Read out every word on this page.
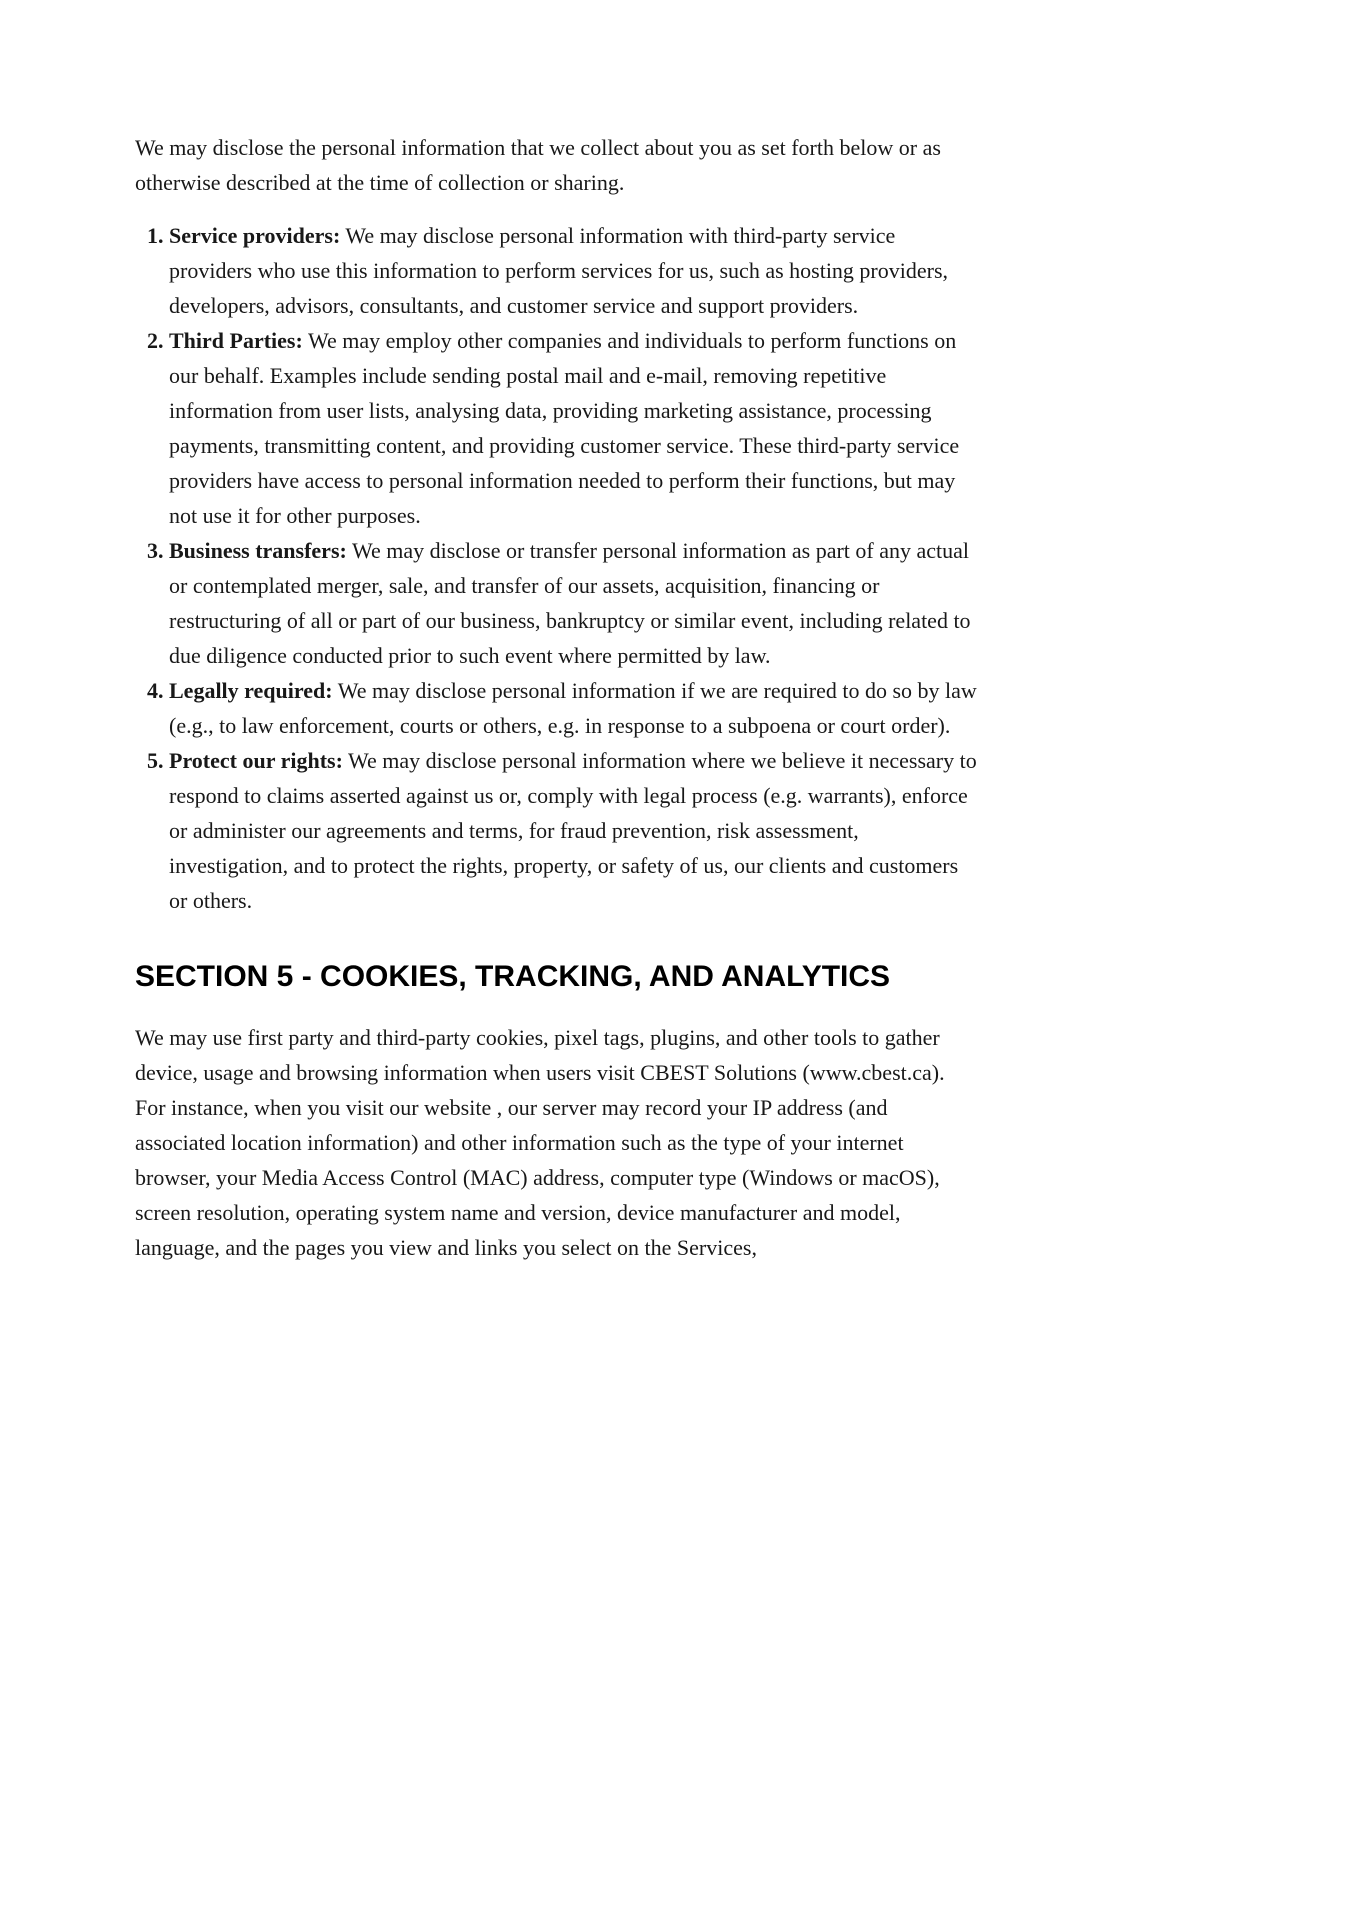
We may disclose the personal information that we collect about you as set forth below or as otherwise described at the time of collection or sharing.

1. Service providers: We may disclose personal information with third-party service providers who use this information to perform services for us, such as hosting providers, developers, advisors, consultants, and customer service and support providers.
2. Third Parties: We may employ other companies and individuals to perform functions on our behalf. Examples include sending postal mail and e-mail, removing repetitive information from user lists, analysing data, providing marketing assistance, processing payments, transmitting content, and providing customer service. These third-party service providers have access to personal information needed to perform their functions, but may not use it for other purposes.
3. Business transfers: We may disclose or transfer personal information as part of any actual or contemplated merger, sale, and transfer of our assets, acquisition, financing or restructuring of all or part of our business, bankruptcy or similar event, including related to due diligence conducted prior to such event where permitted by law.
4. Legally required: We may disclose personal information if we are required to do so by law (e.g., to law enforcement, courts or others, e.g. in response to a subpoena or court order).
5. Protect our rights: We may disclose personal information where we believe it necessary to respond to claims asserted against us or, comply with legal process (e.g. warrants), enforce or administer our agreements and terms, for fraud prevention, risk assessment, investigation, and to protect the rights, property, or safety of us, our clients and customers or others.
SECTION 5 - COOKIES, TRACKING, AND ANALYTICS

We may use first party and third-party cookies, pixel tags, plugins, and other tools to gather device, usage and browsing information when users visit CBEST Solutions (www.cbest.ca). For instance, when you visit our website , our server may record your IP address (and associated location information) and other information such as the type of your internet browser, your Media Access Control (MAC) address, computer type (Windows or macOS), screen resolution, operating system name and version, device manufacturer and model, language, and the pages you view and links you select on the Services,
